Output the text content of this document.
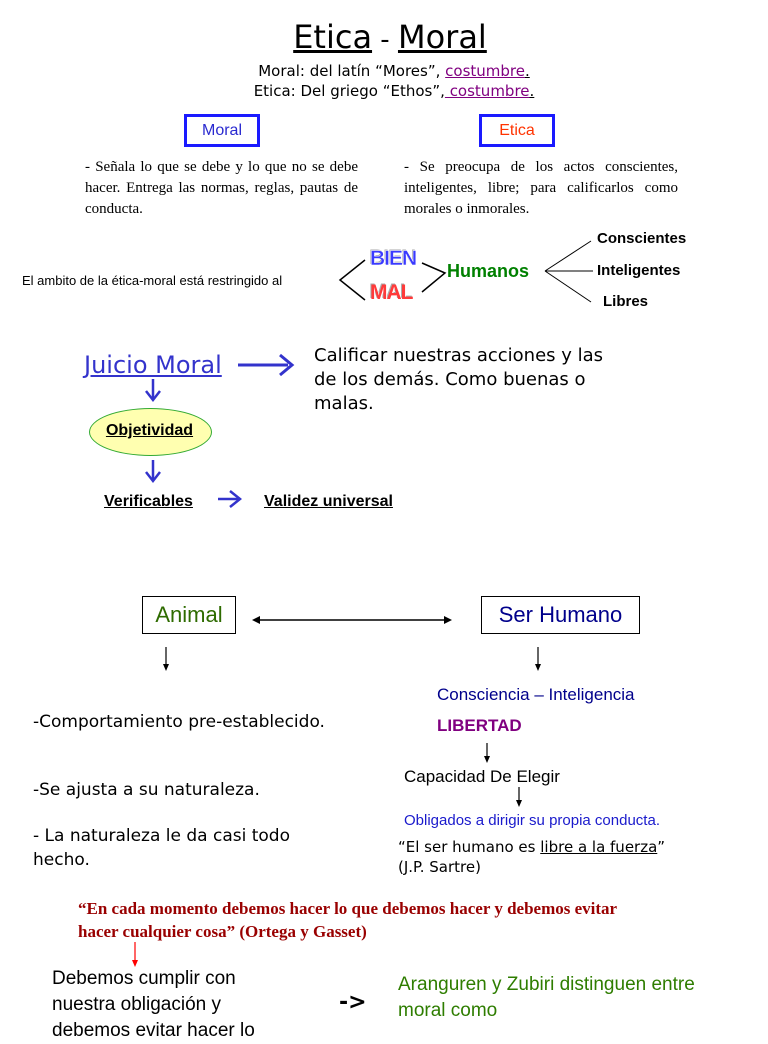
Etica - Moral
Moral: del latín “Mores”, costumbre.
Etica: Del griego “Ethos”, costumbre.
Moral	Etica
- Señala lo que se debe y lo que no se debe hacer. Entrega las normas, reglas, pautas de conducta.
- Se preocupa de los actos conscientes, inteligentes, libre; para calificarlos como morales o inmorales.
El ambito de la ética-moral está restringido al
BIEN
MAL
Humanos
Conscientes
Inteligentes
Libres
Juicio Moral	Calificar nuestras acciones y las de los demás. Como buenas o malas.
Objetividad
Verificables	Validez universal
Animal	Ser Humano
-Comportamiento pre-establecido.
-Se ajusta a su naturaleza.
- La naturaleza le da casi todo hecho.
Consciencia – Inteligencia
LIBERTAD
Capacidad De Elegir
Obligados a dirigir su propia conducta.
“El ser humano es libre a la fuerza”
(J.P. Sartre)
“En cada momento debemos hacer lo que debemos hacer y debemos evitar hacer cualquier cosa” (Ortega y Gasset)
Debemos cumplir con nuestra obligación y debemos evitar hacer lo
->
Aranguren y Zubiri distinguen entre moral como
